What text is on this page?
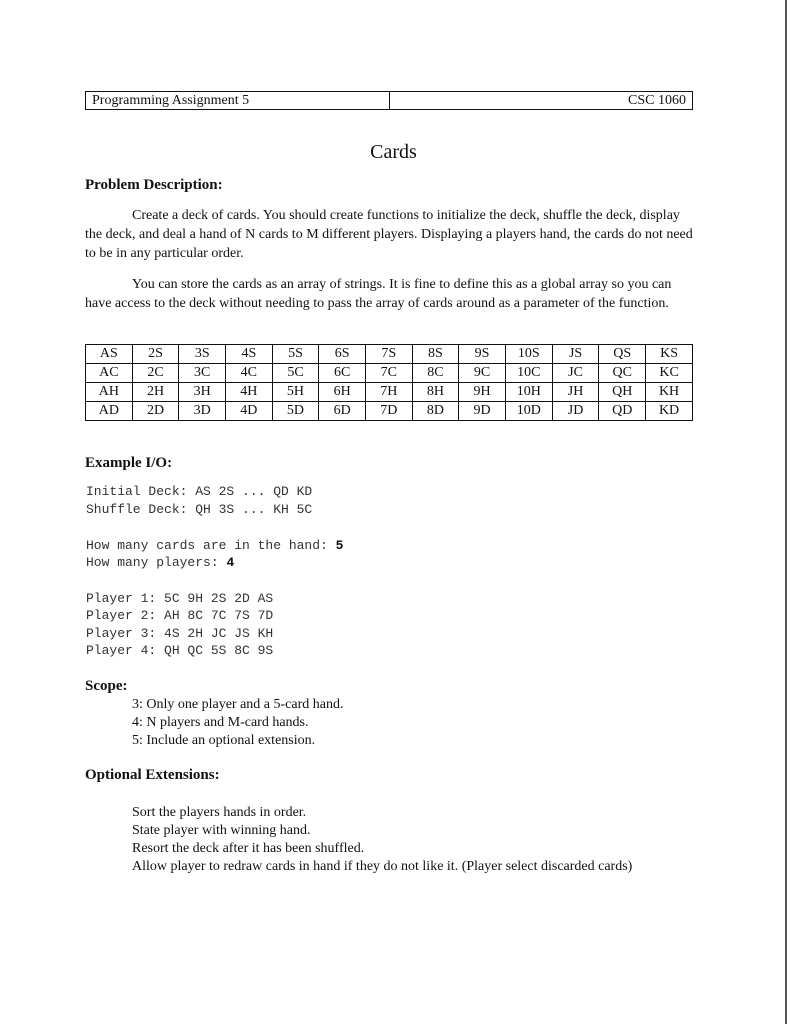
Programming Assignment 5	CSC 1060
Cards
Problem Description:
Create a deck of cards. You should create functions to initialize the deck, shuffle the deck, display the deck, and deal a hand of N cards to M different players. Displaying a players hand, the cards do not need to be in any particular order.
You can store the cards as an array of strings. It is fine to define this as a global array so you can have access to the deck without needing to pass the array of cards around as a parameter of the function.
AS	2S	3S	4S	5S	6S	7S	8S	9S	10S	JS	QS	KS
AC	2C	3C	4C	5C	6C	7C	8C	9C	10C	JC	QC	KC
AH	2H	3H	4H	5H	6H	7H	8H	9H	10H	JH	QH	KH
AD	2D	3D	4D	5D	6D	7D	8D	9D	10D	JD	QD	KD
Example I/O:
Initial Deck: AS 2S ... QD KD
Shuffle Deck: QH 3S ... KH 5C
How many cards are in the hand: 5
How many players: 4
Player 1: 5C 9H 2S 2D AS
Player 2: AH 8C 7C 7S 7D
Player 3: 4S 2H JC JS KH
Player 4: QH QC 5S 8C 9S
Scope:
3: Only one player and a 5-card hand.
4: N players and M-card hands.
5: Include an optional extension.
Optional Extensions:
Sort the players hands in order.
State player with winning hand.
Resort the deck after it has been shuffled.
Allow player to redraw cards in hand if they do not like it. (Player select discarded cards)
